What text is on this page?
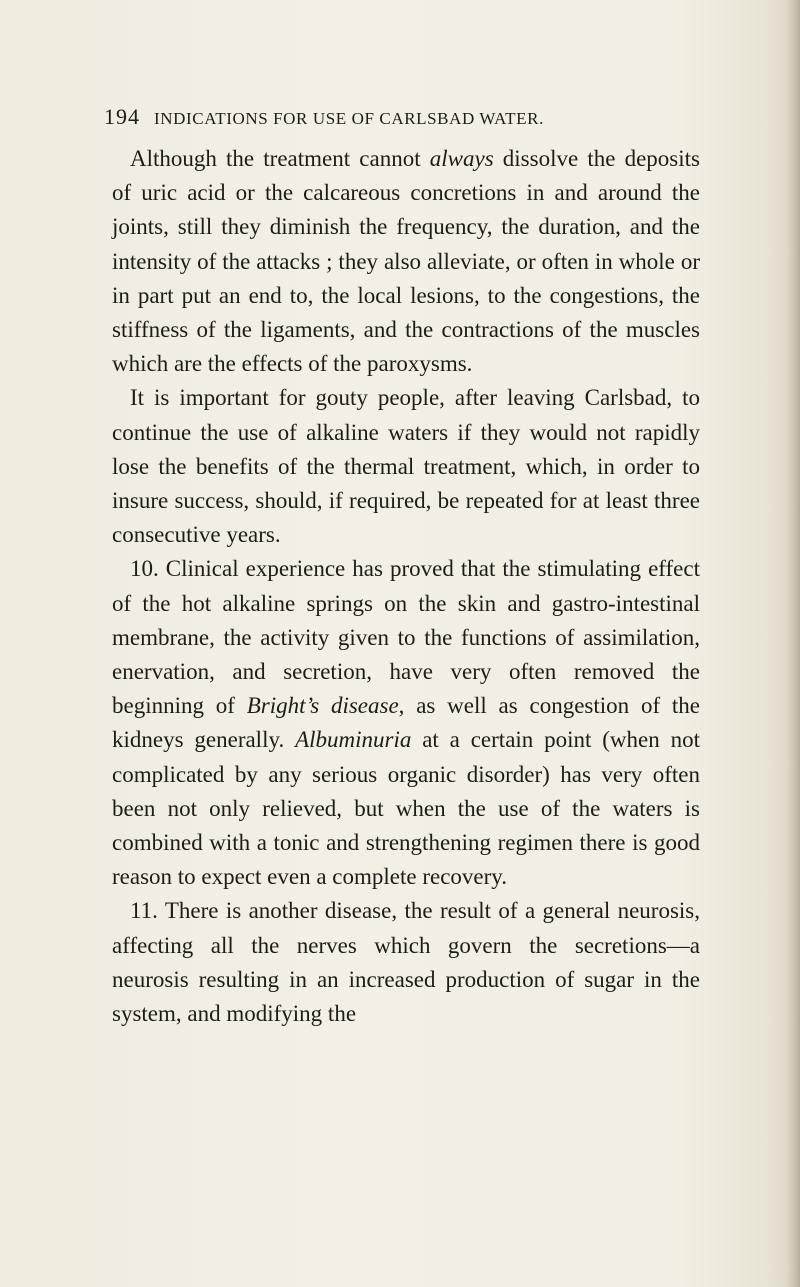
194 INDICATIONS FOR USE OF CARLSBAD WATER.

Although the treatment cannot always dissolve the deposits of uric acid or the calcareous concretions in and around the joints, still they diminish the frequency, the duration, and the intensity of the attacks ; they also alleviate, or often in whole or in part put an end to, the local lesions, to the congestions, the stiffness of the ligaments, and the contractions of the muscles which are the effects of the paroxysms.

It is important for gouty people, after leaving Carlsbad, to continue the use of alkaline waters if they would not rapidly lose the benefits of the thermal treatment, which, in order to insure success, should, if required, be repeated for at least three consecutive years.

10. Clinical experience has proved that the stimulating effect of the hot alkaline springs on the skin and gastro-intestinal membrane, the activity given to the functions of assimilation, enervation, and secretion, have very often removed the beginning of Bright’s disease, as well as congestion of the kidneys generally. Albuminuria at a certain point (when not complicated by any serious organic disorder) has very often been not only relieved, but when the use of the waters is combined with a tonic and strengthening regimen there is good reason to expect even a complete recovery.

11. There is another disease, the result of a general neurosis, affecting all the nerves which govern the secretions—a neurosis resulting in an increased production of sugar in the system, and modifying the
